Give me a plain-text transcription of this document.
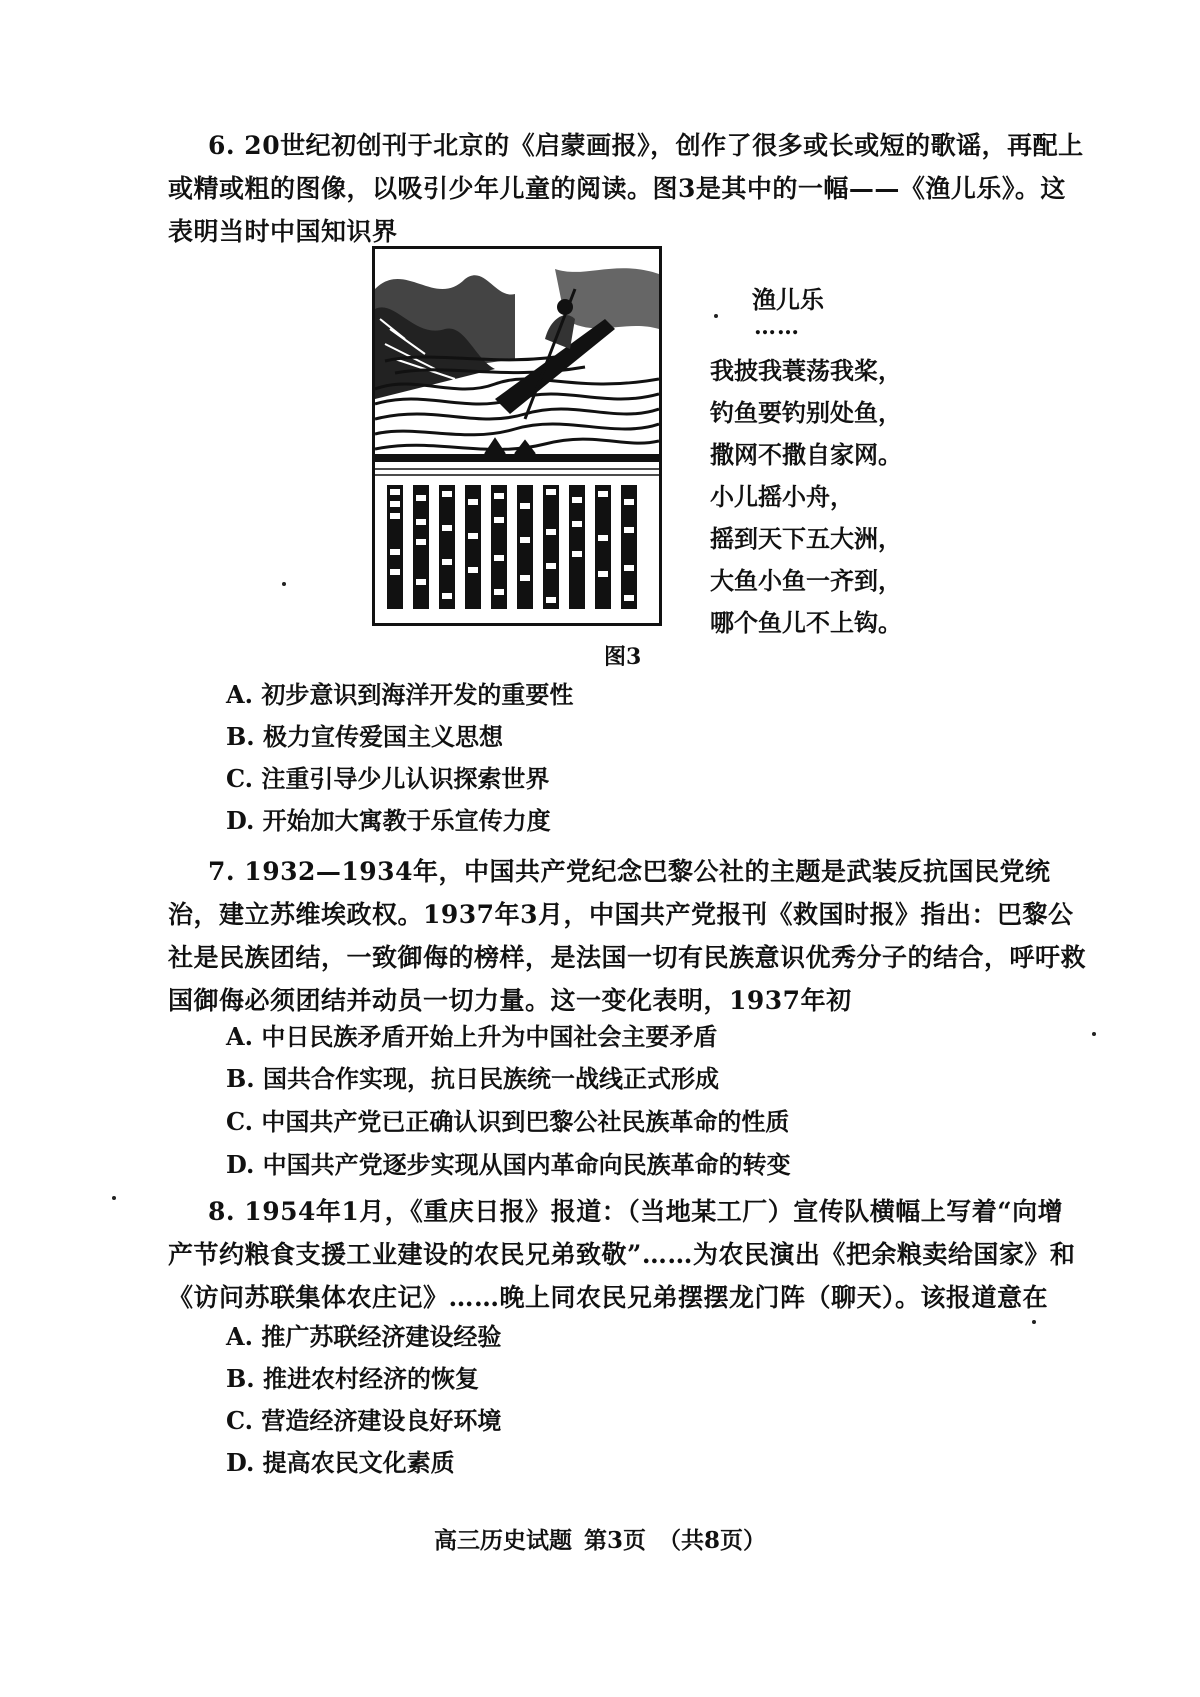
6. 20世纪初创刊于北京的《启蒙画报》，创作了很多或长或短的歌谣，再配上或精或粗的图像，以吸引少年儿童的阅读。图3是其中的一幅——《渔儿乐》。这表明当时中国知识界

渔儿乐
……
我披我蓑荡我桨，
钓鱼要钓别处鱼，
撒网不撒自家网。
小儿摇小舟，
摇到天下五大洲，
大鱼小鱼一齐到，
哪个鱼儿不上钩。
图3
A. 初步意识到海洋开发的重要性
B. 极力宣传爱国主义思想
C. 注重引导少儿认识探索世界
D. 开始加大寓教于乐宣传力度

7. 1932—1934年，中国共产党纪念巴黎公社的主题是武装反抗国民党统治，建立苏维埃政权。1937年3月，中国共产党报刊《救国时报》指出：巴黎公社是民族团结，一致御侮的榜样，是法国一切有民族意识优秀分子的结合，呼吁救国御侮必须团结并动员一切力量。这一变化表明，1937年初

A. 中日民族矛盾开始上升为中国社会主要矛盾
B. 国共合作实现，抗日民族统一战线正式形成
C. 中国共产党已正确认识到巴黎公社民族革命的性质
D. 中国共产党逐步实现从国内革命向民族革命的转变

8. 1954年1月，《重庆日报》报道：（当地某工厂）宣传队横幅上写着“向增产节约粮食支援工业建设的农民兄弟致敬”……为农民演出《把余粮卖给国家》和《访问苏联集体农庄记》……晚上同农民兄弟摆摆龙门阵（聊天）。该报道意在

A. 推广苏联经济建设经验
B. 推进农村经济的恢复
C. 营造经济建设良好环境
D. 提高农民文化素质
高三历史试题 第3页 （共8页）
